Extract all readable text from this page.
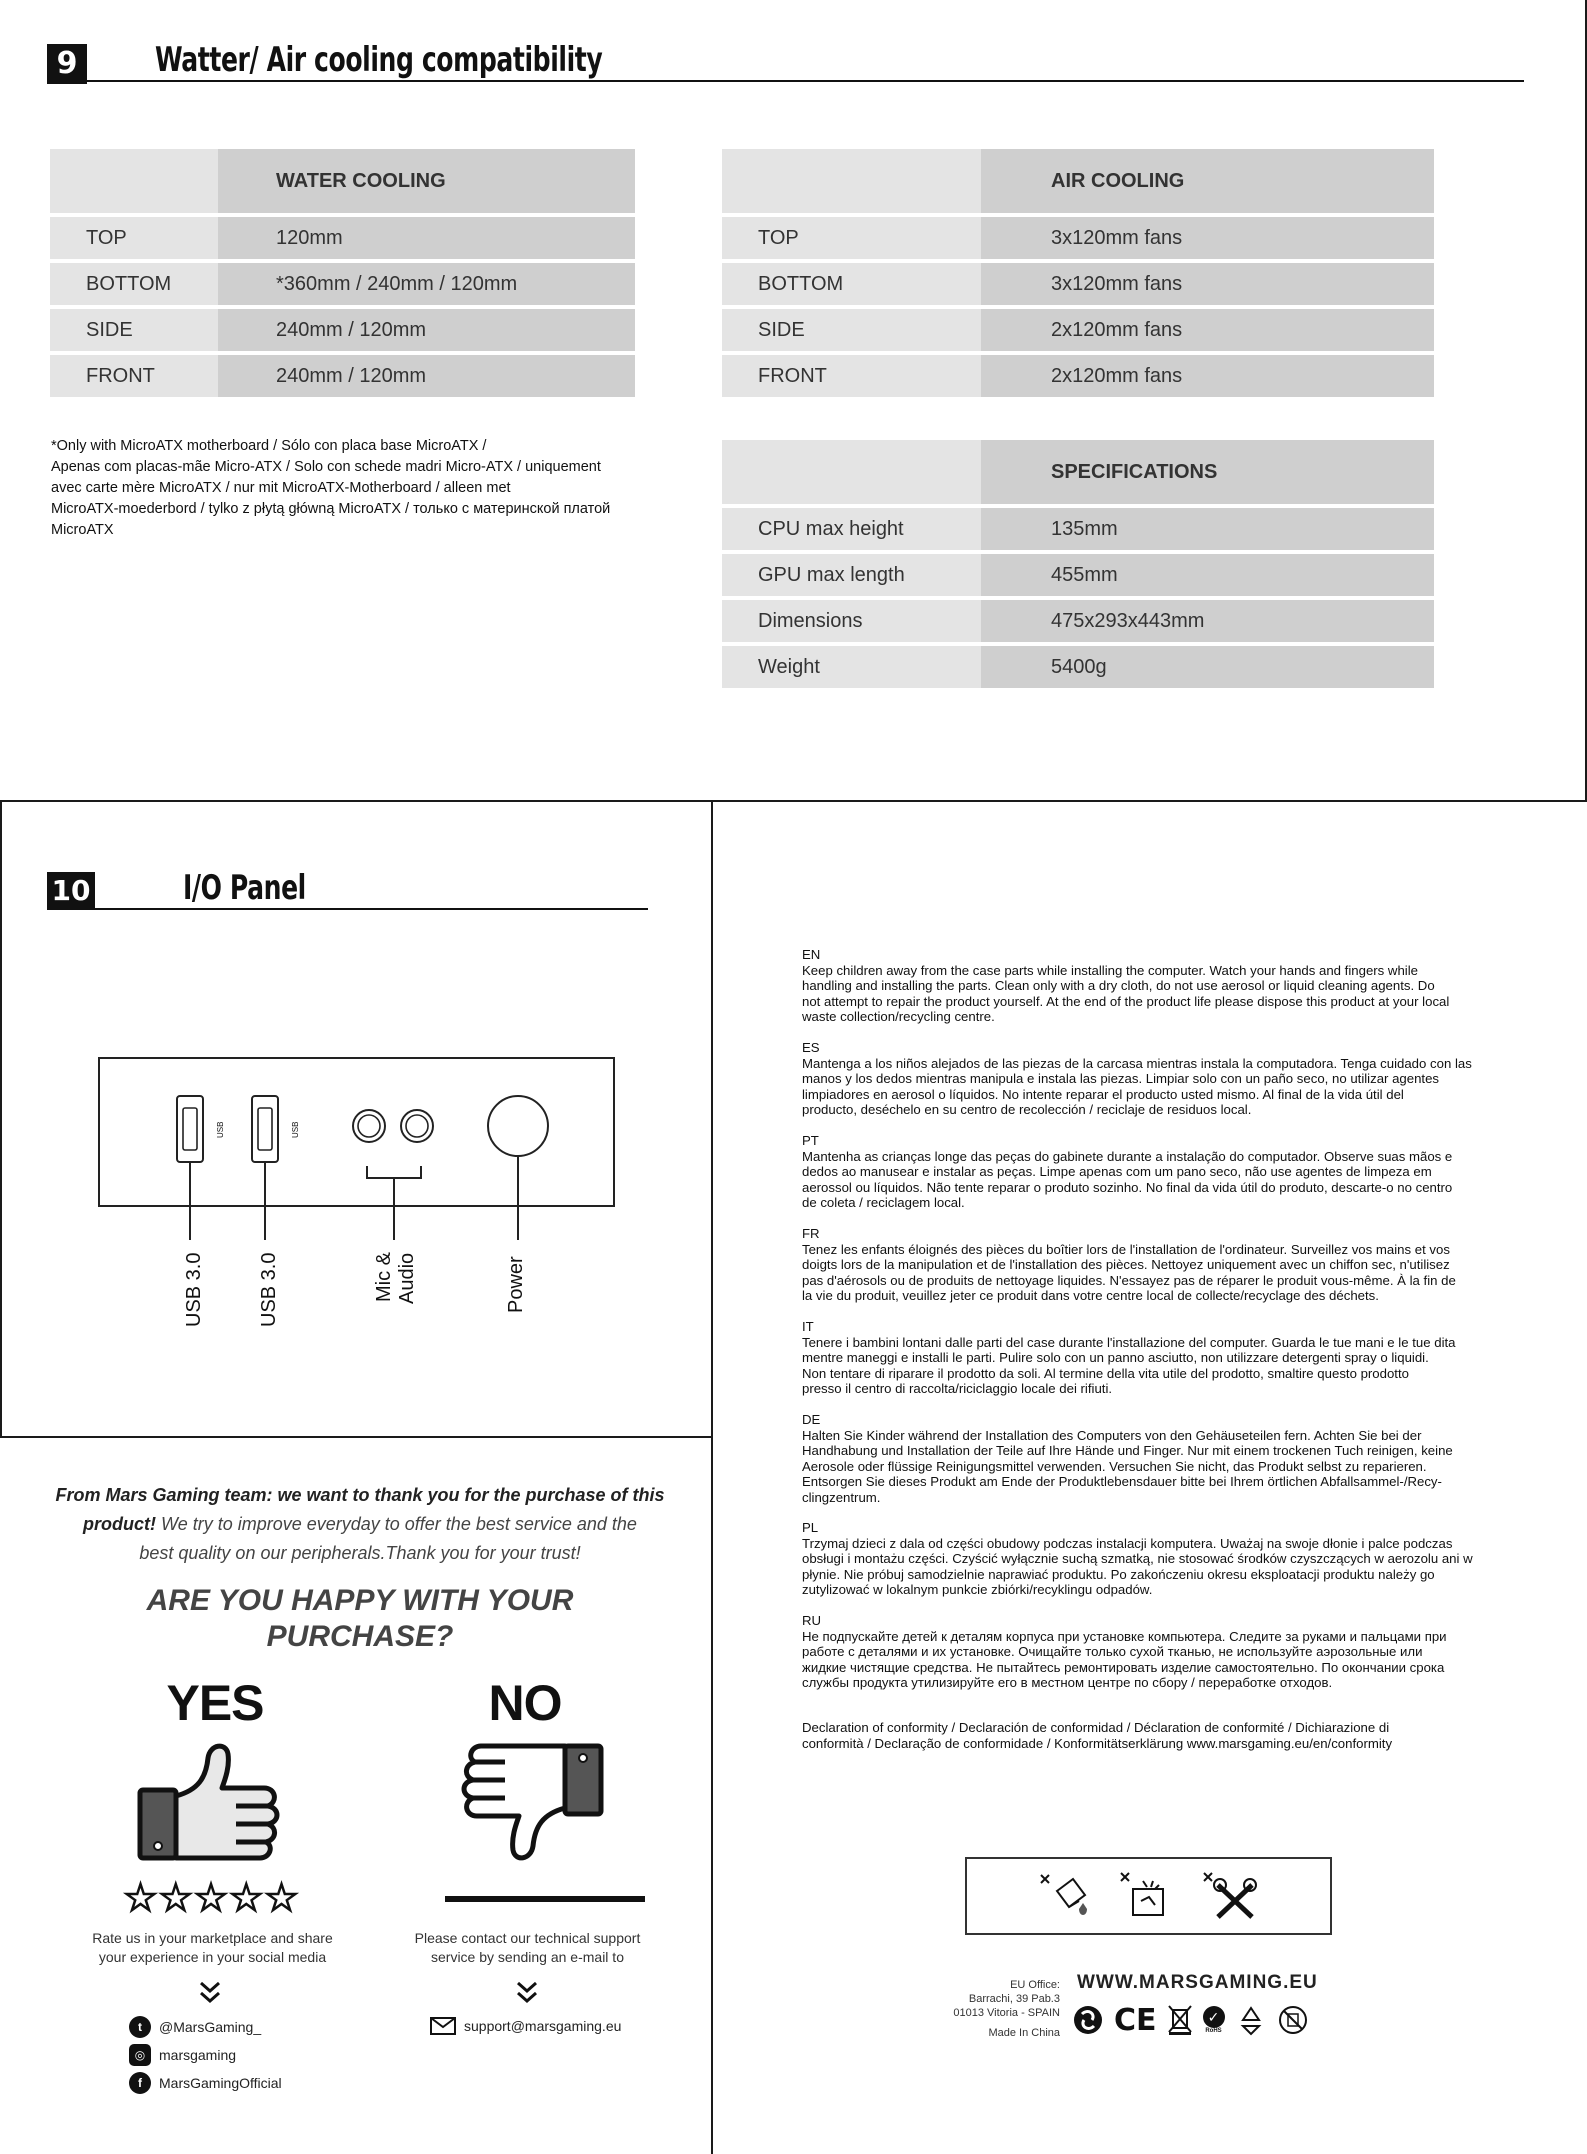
9 Watter/ Air cooling compatibility
	WATER COOLING
TOP	120mm
BOTTOM	*360mm / 240mm / 120mm
SIDE	240mm / 120mm
FRONT	240mm / 120mm
	AIR COOLING
TOP	3x120mm fans
BOTTOM	3x120mm fans
SIDE	2x120mm fans
FRONT	2x120mm fans
	SPECIFICATIONS
CPU max height	135mm
GPU max length	455mm
Dimensions	475x293x443mm
Weight	5400g
*Only with MicroATX motherboard / Sólo con placa base MicroATX /
Apenas com placas-mãe Micro-ATX / Solo con schede madri Micro-ATX / uniquement
avec carte mère MicroATX / nur mit MicroATX-Motherboard / alleen met
MicroATX-moederbord / tylko z płytą główną MicroATX / только с материнской платой
MicroATX
10	I/O Panel
USB	USB
USB 3.0	USB 3.0	Mic & Audio	Power
From Mars Gaming team: we want to thank you for the purchase of this
product! We try to improve everyday to offer the best service and the
best quality on our peripherals.Thank you for your trust!
ARE YOU HAPPY WITH YOUR
PURCHASE?
YES	NO
★★★★★
Rate us in your marketplace and share
your experience in your social media
Please contact our technical support
service by sending an e-mail to
t	@MarsGaming_
◎ marsgaming
f	MarsGamingOfficial
support@marsgaming.eu
EN
Keep children away from the case parts while installing the computer. Watch your hands and fingers while
handling and installing the parts. Clean only with a dry cloth, do not use aerosol or liquid cleaning agents. Do
not attempt to repair the product yourself. At the end of the product life please dispose this product at your local
waste collection/recycling centre.
ES
Mantenga a los niños alejados de las piezas de la carcasa mientras instala la computadora. Tenga cuidado con las
manos y los dedos mientras manipula e instala las piezas. Limpiar solo con un paño seco, no utilizar agentes
limpiadores en aerosol o líquidos. No intente reparar el producto usted mismo. Al final de la vida útil del
producto, deséchelo en su centro de recolección / reciclaje de residuos local.
PT
Mantenha as crianças longe das peças do gabinete durante a instalação do computador. Observe suas mãos e
dedos ao manusear e instalar as peças. Limpe apenas com um pano seco, não use agentes de limpeza em
aerossol ou líquidos. Não tente reparar o produto sozinho. No final da vida útil do produto, descarte-o no centro
de coleta / reciclagem local.
FR
Tenez les enfants éloignés des pièces du boîtier lors de l'installation de l'ordinateur. Surveillez vos mains et vos
doigts lors de la manipulation et de l'installation des pièces. Nettoyez uniquement avec un chiffon sec, n'utilisez
pas d'aérosols ou de produits de nettoyage liquides. N'essayez pas de réparer le produit vous-même. À la fin de
la vie du produit, veuillez jeter ce produit dans votre centre local de collecte/recyclage des déchets.
IT
Tenere i bambini lontani dalle parti del case durante l'installazione del computer. Guarda le tue mani e le tue dita
mentre maneggi e installi le parti. Pulire solo con un panno asciutto, non utilizzare detergenti spray o liquidi.
Non tentare di riparare il prodotto da soli. Al termine della vita utile del prodotto, smaltire questo prodotto
presso il centro di raccolta/riciclaggio locale dei rifiuti.
DE
Halten Sie Kinder während der Installation des Computers von den Gehäuseteilen fern. Achten Sie bei der
Handhabung und Installation der Teile auf Ihre Hände und Finger. Nur mit einem trockenen Tuch reinigen, keine
Aerosole oder flüssige Reinigungsmittel verwenden. Versuchen Sie nicht, das Produkt selbst zu reparieren.
Entsorgen Sie dieses Produkt am Ende der Produktlebensdauer bitte bei Ihrem örtlichen Abfallsammel-/Recy-
clingzentrum.
PL
Trzymaj dzieci z dala od części obudowy podczas instalacji komputera. Uważaj na swoje dłonie i palce podczas
obsługi i montażu części. Czyścić wyłącznie suchą szmatką, nie stosować środków czyszczących w aerozolu ani w
płynie. Nie próbuj samodzielnie naprawiać produktu. Po zakończeniu okresu eksploatacji produktu należy go
zutylizować w lokalnym punkcie zbiórki/recyklingu odpadów.
RU
Не подпускайте детей к деталям корпуса при установке компьютера. Следите за руками и пальцами при
работе с деталями и их установке. Очищайте только сухой тканью, не используйте аэрозольные или
жидкие чистящие средства. Не пытайтесь ремонтировать изделие самостоятельно. По окончании срока
службы продукта утилизируйте его в местном центре по сбору / переработке отходов.
Declaration of conformity / Declaración de conformidad / Déclaration de conformité / Dichiarazione di
conformità / Declaração de conformidade / Konformitätserklärung www.marsgaming.eu/en/conformity
EU Office:
Barrachi, 39 Pab.3
01013 Vitoria - SPAIN
Made In China
WWW.MARSGAMING.EU
CE	✓
RoHS
